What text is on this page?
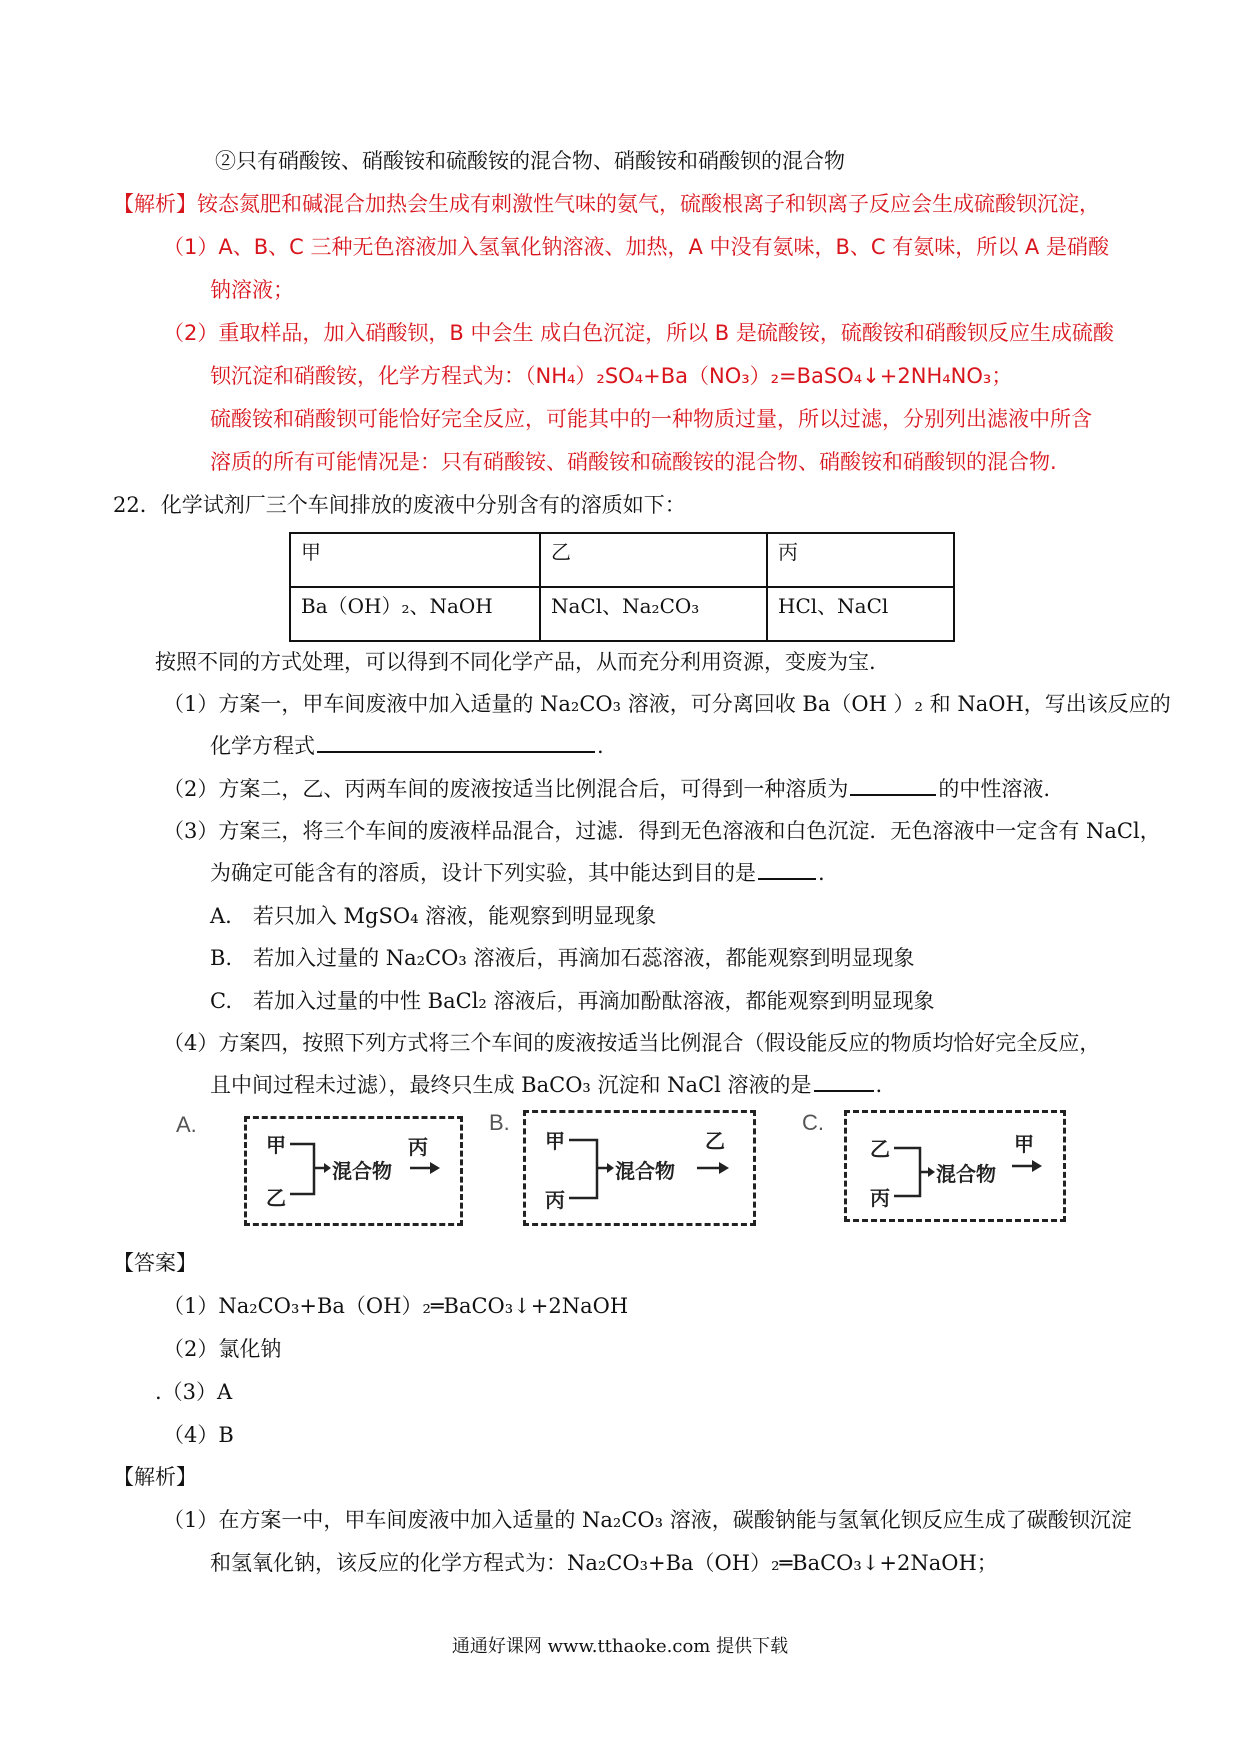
②只有硝酸铵、硝酸铵和硫酸铵的混合物、硝酸铵和硝酸钡的混合物
【解析】铵态氮肥和碱混合加热会生成有刺激性气味的氨气，硫酸根离子和钡离子反应会生成硫酸钡沉淀，
（1）A、B、C 三种无色溶液加入氢氧化钠溶液、加热，A 中没有氨味，B、C 有氨味，所以 A 是硝酸
钠溶液；
（2）重取样品，加入硝酸钡，B 中会生 成白色沉淀，所以 B 是硫酸铵，硫酸铵和硝酸钡反应生成硫酸
钡沉淀和硝酸铵，化学方程式为：（NH₄）₂SO₄+Ba（NO₃）₂=BaSO₄↓+2NH₄NO₃；
硫酸铵和硝酸钡可能恰好完全反应，可能其中的一种物质过量，所以过滤，分别列出滤液中所含
溶质的所有可能情况是：只有硝酸铵、硝酸铵和硫酸铵的混合物、硝酸铵和硝酸钡的混合物.
22．化学试剂厂三个车间排放的废液中分别含有的溶质如下：
甲	乙	丙
Ba（OH）₂、NaOH	NaCl、Na₂CO₃	HCl、NaCl
按照不同的方式处理，可以得到不同化学产品，从而充分利用资源，变废为宝.
（1）方案一，甲车间废液中加入适量的 Na₂CO₃ 溶液，可分离回收 Ba（OH ）₂ 和 NaOH，写出该反应的
化学方程式	.
（2）方案二，乙、丙两车间的废液按适当比例混合后，可得到一种溶质为	的中性溶液.
（3）方案三，将三个车间的废液样品混合，过滤．得到无色溶液和白色沉淀．无色溶液中一定含有 NaCl，
为确定可能含有的溶质，设计下列实验，其中能达到目的是	.
A.　若只加入 MgSO₄ 溶液，能观察到明显现象
B.　若加入过量的 Na₂CO₃ 溶液后，再滴加石蕊溶液，都能观察到明显现象
C.　若加入过量的中性 BaCl₂ 溶液后，再滴加酚酞溶液，都能观察到明显现象
（4）方案四，按照下列方式将三个车间的废液按适当比例混合（假设能反应的物质均恰好完全反应，
且中间过程未过滤），最终只生成 BaCO₃ 沉淀和 NaCl 溶液的是	.
A.
甲
乙
混合物
丙
B.
甲
丙
混合物
乙
C.
乙
丙
混合物
甲
【答案】
（1）Na₂CO₃+Ba（OH）₂═BaCO₃↓+2NaOH
（2）氯化钠
.（3）A
（4）B
【解析】
（1）在方案一中，甲车间废液中加入适量的 Na₂CO₃ 溶液，碳酸钠能与氢氧化钡反应生成了碳酸钡沉淀
和氢氧化钠，该反应的化学方程式为：Na₂CO₃+Ba（OH）₂═BaCO₃↓+2NaOH；
通通好课网 www.tthaoke.com 提供下载
